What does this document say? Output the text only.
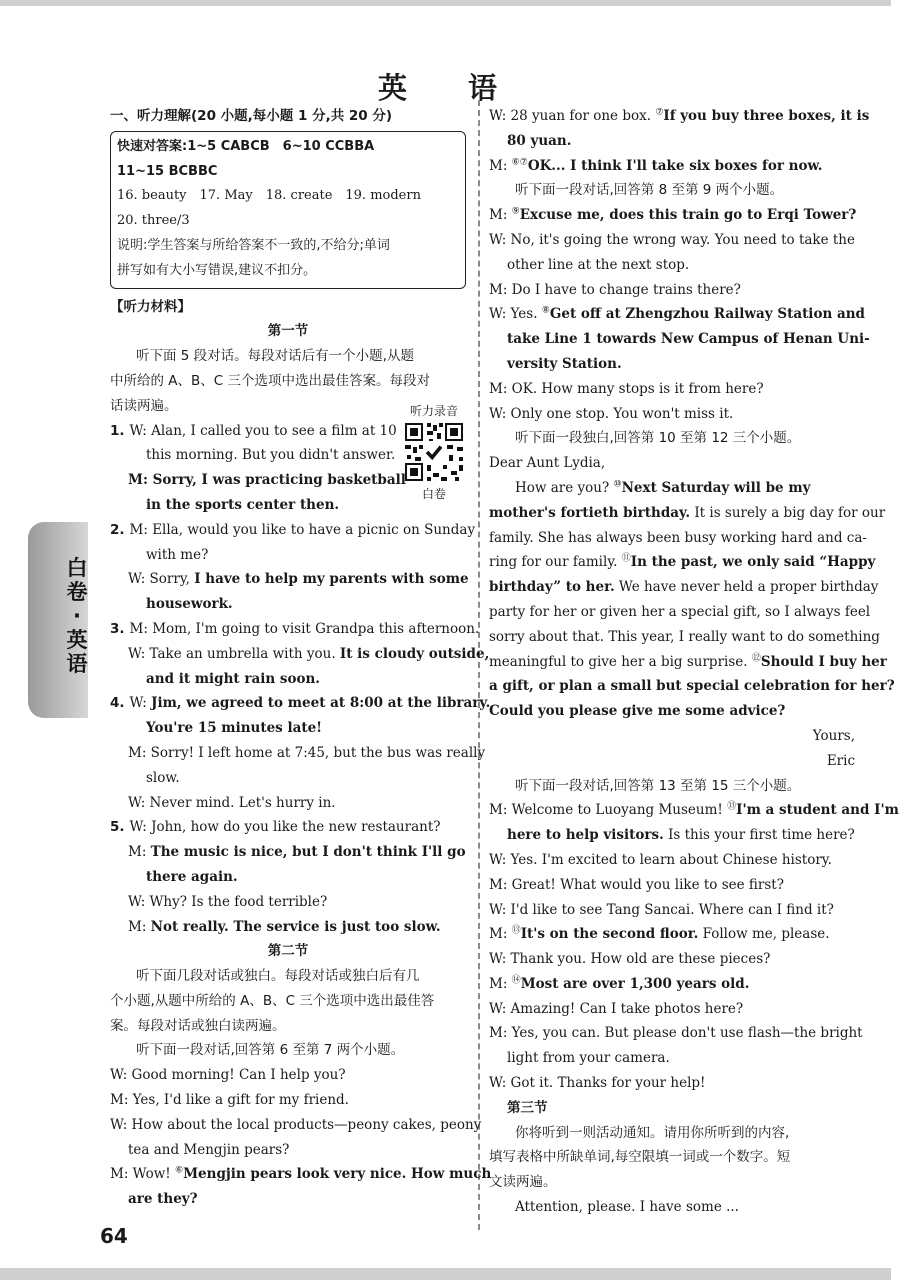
英　语
白卷·英语
听力录音
白卷
一、听力理解(20 小题,每小题 1 分,共 20 分)
快速对答案:1~5 CABCB　6~10 CCBBA
11~15 BCBBC
16. beauty　17. May　18. create　19. modern
20. three/3
说明:学生答案与所给答案不一致的,不给分;单词
拼写如有大小写错误,建议不扣分。
【听力材料】
第一节
听下面 5 段对话。每段对话后有一个小题,从题
中所给的 A、B、C 三个选项中选出最佳答案。每段对
话读两遍。
1. W: Alan, I called you to see a film at 10
this morning. But you didn't answer.
M: Sorry, I was practicing basketball
in the sports center then.
2. M: Ella, would you like to have a picnic on Sunday
with me?
W: Sorry, I have to help my parents with some
housework.
3. M: Mom, I'm going to visit Grandpa this afternoon.
W: Take an umbrella with you. It is cloudy outside,
and it might rain soon.
4. W: Jim, we agreed to meet at 8:00 at the library.
You're 15 minutes late!
M: Sorry! I left home at 7:45, but the bus was really
slow.
W: Never mind. Let's hurry in.
5. W: John, how do you like the new restaurant?
M: The music is nice, but I don't think I'll go
there again.
W: Why? Is the food terrible?
M: Not really. The service is just too slow.
第二节
听下面几段对话或独白。每段对话或独白后有几
个小题,从题中所给的 A、B、C 三个选项中选出最佳答
案。每段对话或独白读两遍。
听下面一段对话,回答第 6 至第 7 两个小题。
W: Good morning! Can I help you?
M: Yes, I'd like a gift for my friend.
W: How about the local products—peony cakes, peony
tea and Mengjin pears?
M: Wow! ⑥Mengjin pears look very nice. How much
are they?
W: 28 yuan for one box. ⑦If you buy three boxes, it is
80 yuan.
M: ⑥⑦OK... I think I'll take six boxes for now.
听下面一段对话,回答第 8 至第 9 两个小题。
M: ⑨Excuse me, does this train go to Erqi Tower?
W: No, it's going the wrong way. You need to take the
other line at the next stop.
M: Do I have to change trains there?
W: Yes. ⑧Get off at Zhengzhou Railway Station and
take Line 1 towards New Campus of Henan Uni-
versity Station.
M: OK. How many stops is it from here?
W: Only one stop. You won't miss it.
听下面一段独白,回答第 10 至第 12 三个小题。
Dear Aunt Lydia,
How are you? ⑩Next Saturday will be my
mother's fortieth birthday. It is surely a big day for our
family. She has always been busy working hard and ca-
ring for our family. ⑪In the past, we only said “Happy
birthday” to her. We have never held a proper birthday
party for her or given her a special gift, so I always feel
sorry about that. This year, I really want to do something
meaningful to give her a big surprise. ⑫Should I buy her
a gift, or plan a small but special celebration for her?
Could you please give me some advice?
Yours,
Eric
听下面一段对话,回答第 13 至第 15 三个小题。
M: Welcome to Luoyang Museum! ⑬I'm a student and I'm
here to help visitors. Is this your first time here?
W: Yes. I'm excited to learn about Chinese history.
M: Great! What would you like to see first?
W: I'd like to see Tang Sancai. Where can I find it?
M: ⑬It's on the second floor. Follow me, please.
W: Thank you. How old are these pieces?
M: ⑭Most are over 1,300 years old.
W: Amazing! Can I take photos here?
M: Yes, you can. But please don't use flash—the bright
light from your camera.
W: Got it. Thanks for your help!
第三节
你将听到一则活动通知。请用你所听到的内容,
填写表格中所缺单词,每空限填一词或一个数字。短
文读两遍。
Attention, please. I have some ...
64
